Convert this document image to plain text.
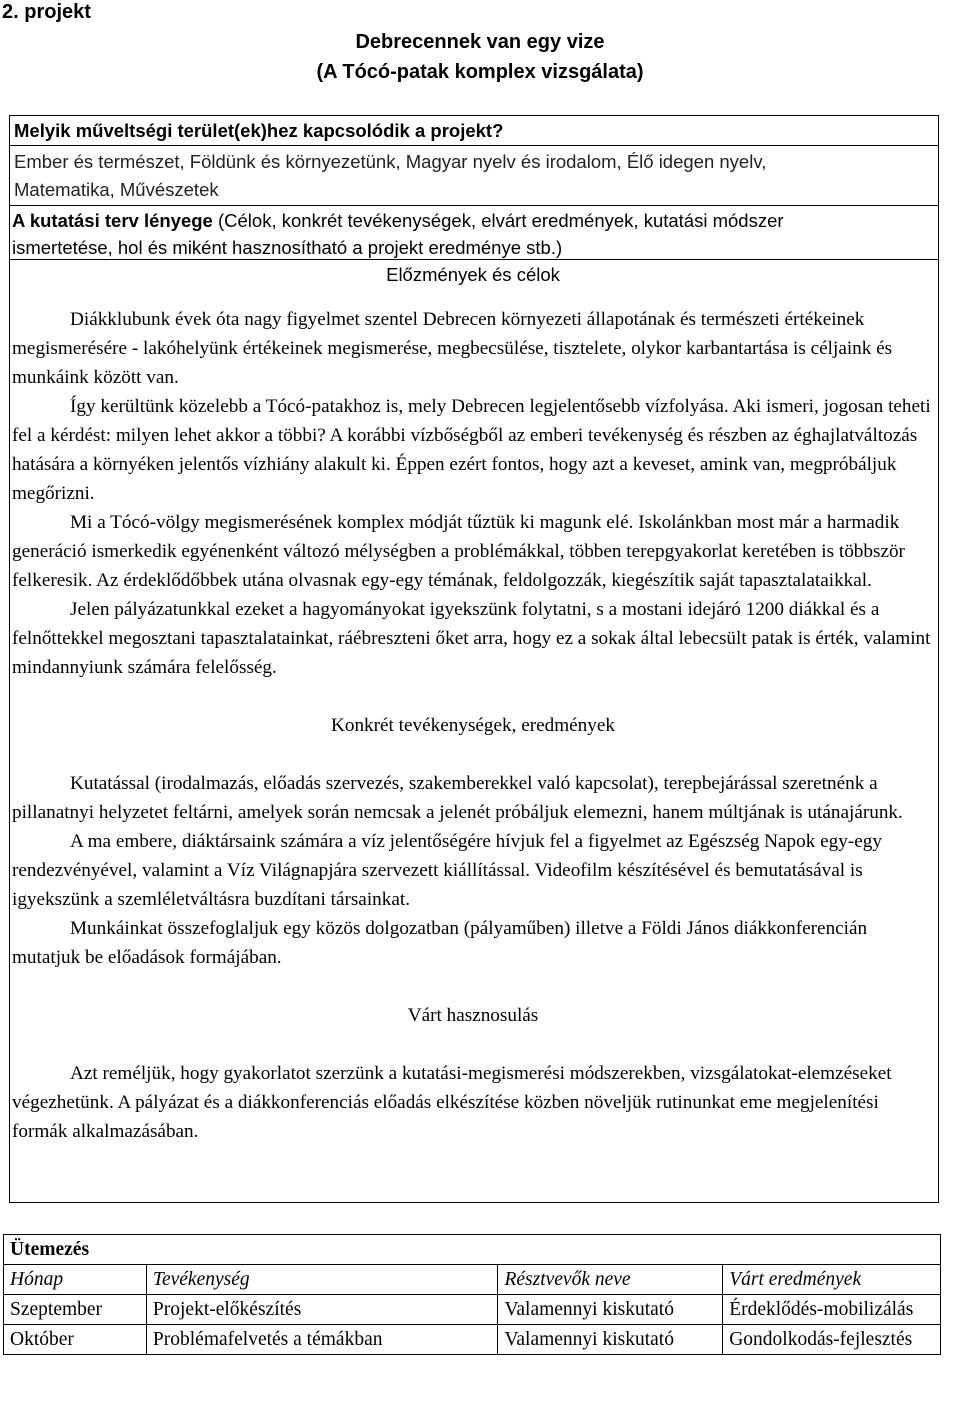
2. projekt
Debrecennek van egy vize
(A Tócó-patak komplex vizsgálata)
Melyik műveltségi terület(ek)hez kapcsolódik a projekt?
Ember és természet, Földünk és környezetünk, Magyar nyelv és irodalom, Élő idegen nyelv,
Matematika, Művészetek
A kutatási terv lényege (Célok, konkrét tevékenységek, elvárt eredmények, kutatási módszer
ismertetése, hol és miként hasznosítható a projekt eredménye stb.)

Előzmények és célok

Diákklubunk évek óta nagy figyelmet szentel Debrecen környezeti állapotának és természeti értékeinek megismerésére - lakóhelyünk értékeinek megismerése, megbecsülése, tisztelete, olykor karbantartása is céljaink és munkáink között van.

Így kerültünk közelebb a Tócó-patakhoz is, mely Debrecen legjelentősebb vízfolyása. Aki ismeri, jogosan teheti fel a kérdést: milyen lehet akkor a többi? A korábbi vízbőségből az emberi tevékenység és részben az éghajlatváltozás hatására a környéken jelentős vízhiány alakult ki. Éppen ezért fontos, hogy azt a keveset, amink van, megpróbáljuk megőrizni.

Mi a Tócó-völgy megismerésének komplex módját tűztük ki magunk elé. Iskolánkban most már a harmadik generáció ismerkedik egyénenként változó mélységben a problémákkal, többen terepgyakorlat keretében is többször felkeresik. Az érdeklődőbbek utána olvasnak egy-egy témának, feldolgozzák, kiegészítik saját tapasztalataikkal.

Jelen pályázatunkkal ezeket a hagyományokat igyekszünk folytatni, s a mostani idejáró 1200 diákkal és a felnőttekkel megosztani tapasztalatainkat, ráébreszteni őket arra, hogy ez a sokak által lebecsült patak is érték, valamint mindannyiunk számára felelősség.

Konkrét tevékenységek, eredmények

Kutatással (irodalmazás, előadás szervezés, szakemberekkel való kapcsolat), terepbejárással szeretnénk a pillanatnyi helyzetet feltárni, amelyek során nemcsak a jelenét próbáljuk elemezni, hanem múltjának is utánajárunk.

A ma embere, diáktársaink számára a víz jelentőségére hívjuk fel a figyelmet az Egészség Napok egy-egy rendezvényével, valamint a Víz Világnapjára szervezett kiállítással. Videofilm készítésével és bemutatásával is igyekszünk a szemléletváltásra buzdítani társainkat.

Munkáinkat összefoglaljuk egy közös dolgozatban (pályaműben) illetve a Földi János diákkonferencián mutatjuk be előadások formájában.

Várt hasznosulás

Azt reméljük, hogy gyakorlatot szerzünk a kutatási-megismerési módszerekben, vizsgálatokat-elemzéseket végezhetünk. A pályázat és a diákkonferenciás előadás elkészítése közben növeljük rutinunkat eme megjelenítési formák alkalmazásában.

Ütemezés			
Hónap	Tevékenység	Résztvevők neve	Várt eredmények
Szeptember	Projekt-előkészítés	Valamennyi kiskutató	Érdeklődés-mobilizálás
Október	Problémafelvetés a témákban	Valamennyi kiskutató	Gondolkodás-fejlesztés
